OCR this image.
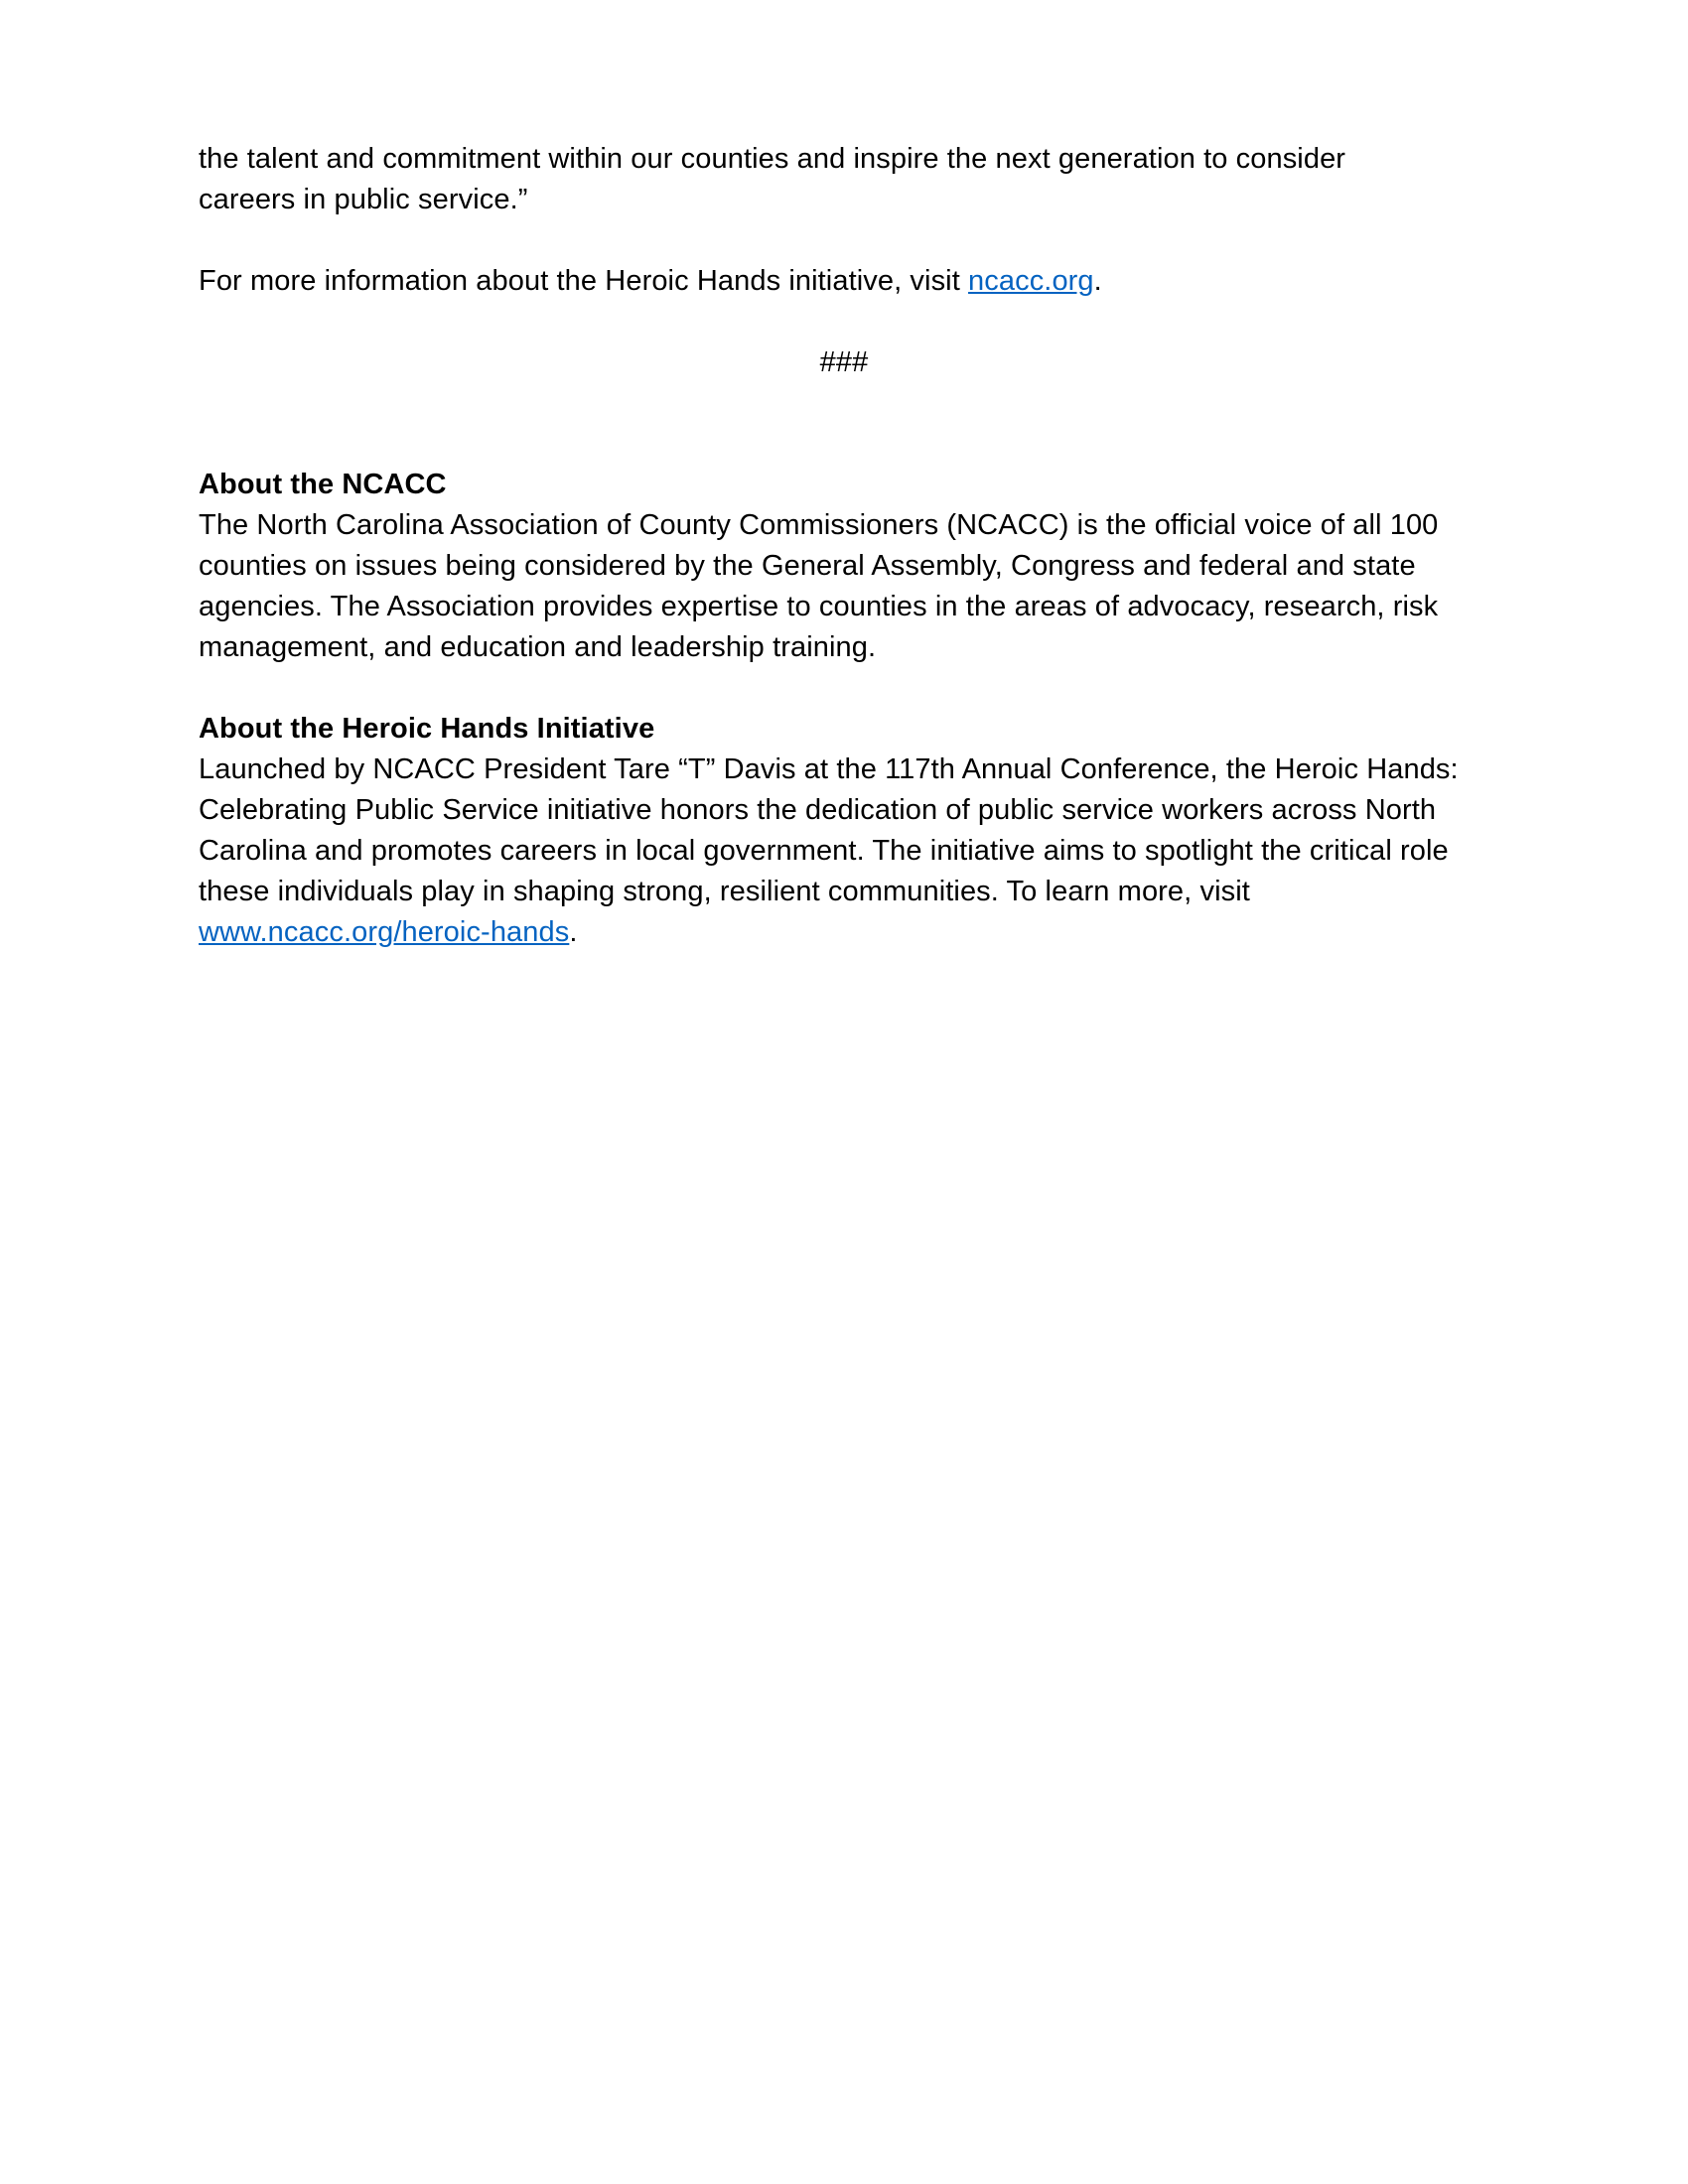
the talent and commitment within our counties and inspire the next generation to consider
careers in public service.”

For more information about the Heroic Hands initiative, visit ncacc.org.

###

About the NCACC

The North Carolina Association of County Commissioners (NCACC) is the official voice of all 100 counties on issues being considered by the General Assembly, Congress and federal and state agencies. The Association provides expertise to counties in the areas of advocacy, research, risk management, and education and leadership training.

About the Heroic Hands Initiative

Launched by NCACC President Tare “T” Davis at the 117th Annual Conference, the Heroic Hands: Celebrating Public Service initiative honors the dedication of public service workers across North Carolina and promotes careers in local government. The initiative aims to spotlight the critical role these individuals play in shaping strong, resilient communities. To learn more, visit www.ncacc.org/heroic-hands.
